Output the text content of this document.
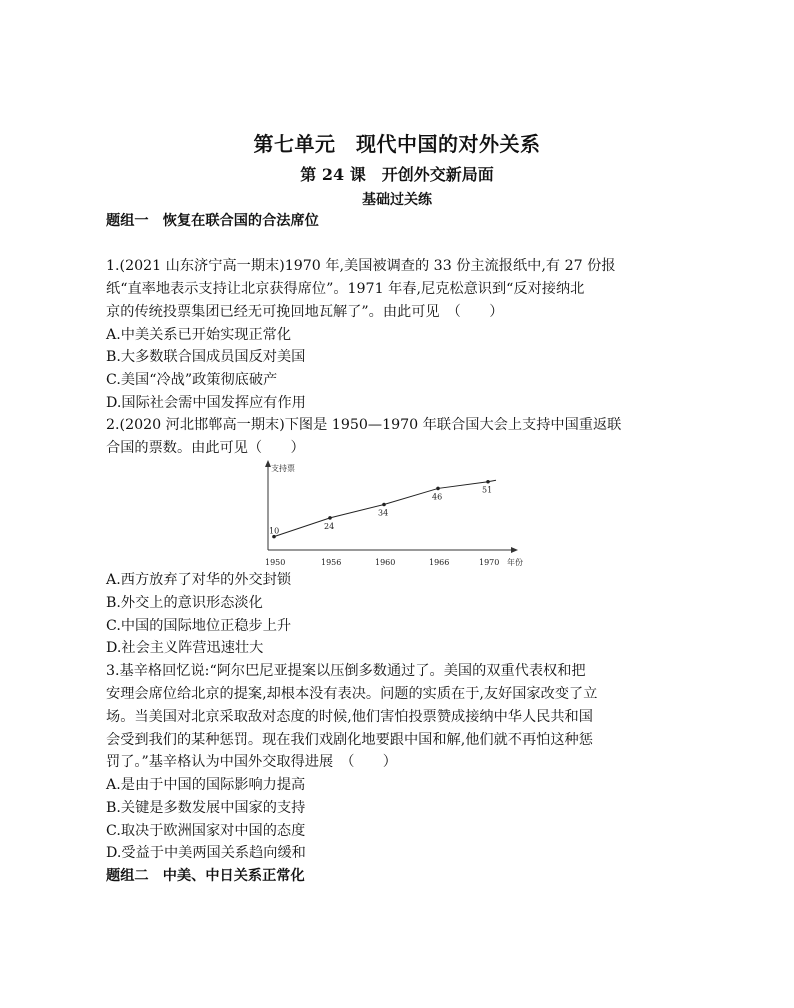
第七单元　现代中国的对外关系
第 24 课　开创外交新局面
基础过关练
题组一　恢复在联合国的合法席位
1.(2021 山东济宁高一期末)1970 年,美国被调查的 33 份主流报纸中,有 27 份报
纸“直率地表示支持让北京获得席位”。1971 年春,尼克松意识到“反对接纳北
京的传统投票集团已经无可挽回地瓦解了”。由此可见　（　　）
A.中美关系已开始实现正常化
B.大多数联合国成员国反对美国
C.美国“冷战”政策彻底破产
D.国际社会需中国发挥应有作用
2.(2020 河北邯郸高一期末)下图是 1950—1970 年联合国大会上支持中国重返联
合国的票数。由此可见（　　）
支持票
年份
10
1950
24
1956
34
1960
46
1966
51
1970
A.西方放弃了对华的外交封锁
B.外交上的意识形态淡化
C.中国的国际地位正稳步上升
D.社会主义阵营迅速壮大
3.基辛格回忆说:“阿尔巴尼亚提案以压倒多数通过了。美国的双重代表权和把
安理会席位给北京的提案,却根本没有表决。问题的实质在于,友好国家改变了立
场。当美国对北京采取敌对态度的时候,他们害怕投票赞成接纳中华人民共和国
会受到我们的某种惩罚。现在我们戏剧化地要跟中国和解,他们就不再怕这种惩
罚了。”基辛格认为中国外交取得进展　（　　）
A.是由于中国的国际影响力提高
B.关键是多数发展中国家的支持
C.取决于欧洲国家对中国的态度
D.受益于中美两国关系趋向缓和
题组二　中美、中日关系正常化
